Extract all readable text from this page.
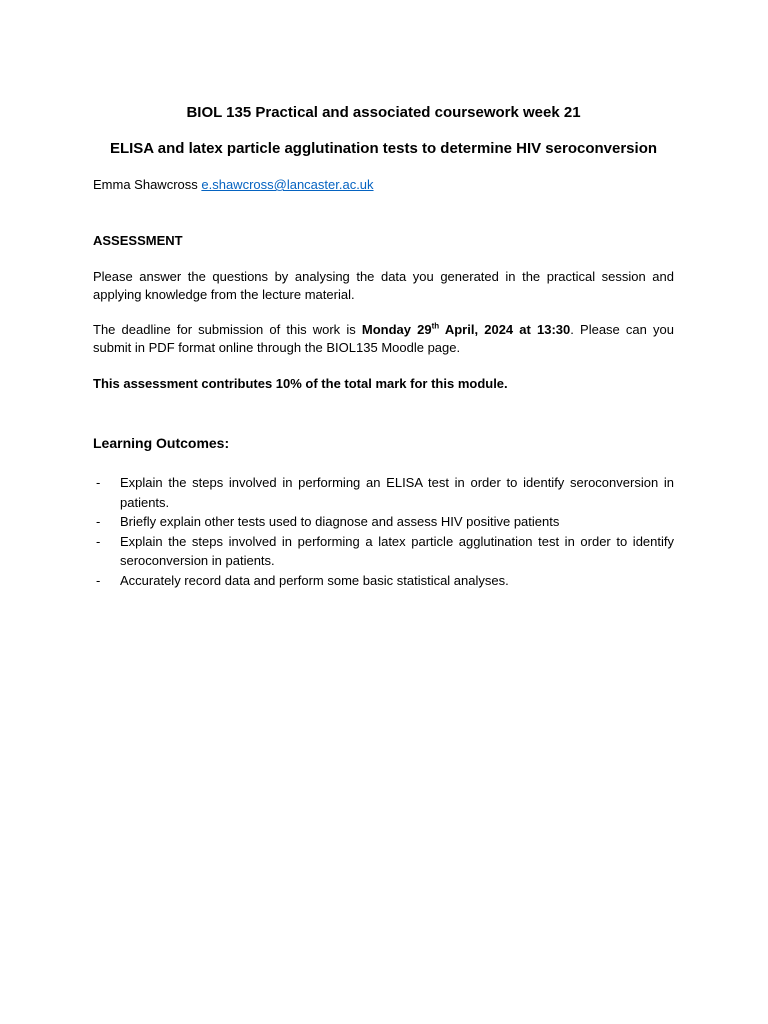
BIOL 135 Practical and associated coursework week 21
ELISA and latex particle agglutination tests to determine HIV seroconversion
Emma Shawcross e.shawcross@lancaster.ac.uk
ASSESSMENT
Please answer the questions by analysing the data you generated in the practical session and applying knowledge from the lecture material.
The deadline for submission of this work is Monday 29th April, 2024 at 13:30. Please can you submit in PDF format online through the BIOL135 Moodle page.
This assessment contributes 10% of the total mark for this module.
Learning Outcomes:
- Explain the steps involved in performing an ELISA test in order to identify seroconversion in patients.
- Briefly explain other tests used to diagnose and assess HIV positive patients
- Explain the steps involved in performing a latex particle agglutination test in order to identify seroconversion in patients.
- Accurately record data and perform some basic statistical analyses.
